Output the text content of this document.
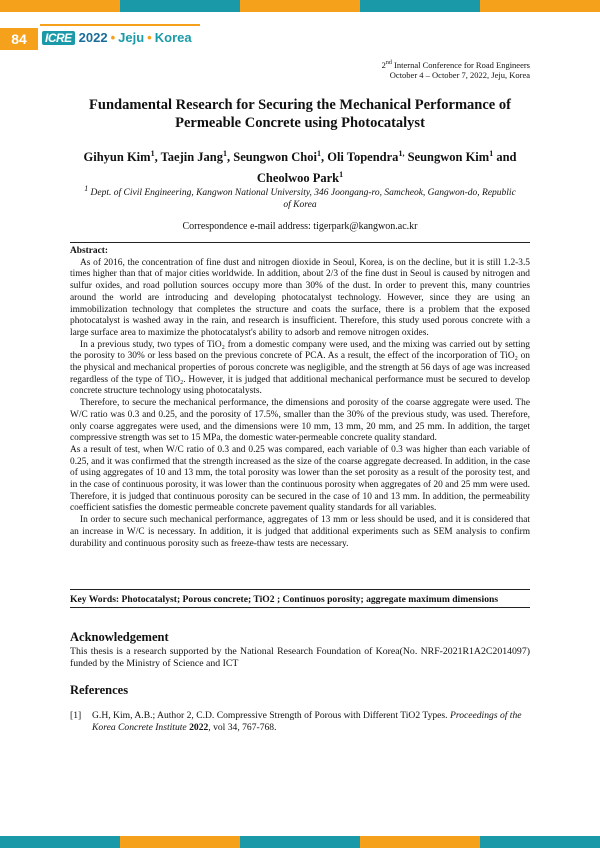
84	ICRE 2022 • Jeju • Korea
2nd Internal Conference for Road Engineers
October 4 – October 7, 2022, Jeju, Korea
Fundamental Research for Securing the Mechanical Performance of
Permeable Concrete using Photocatalyst
Gihyun Kim$^1$, Taejin Jang$^1$, Seungwon Choi$^1$, Oli Topendra$^{1,}$ Seungwon Kim$^1$ and
Cheolwoo Park$^1$
$^1$ Dept. of Civil Engineering, Kangwon National University, 346 Joongang-ro, Samcheok, Gangwon-do, Republic of Korea
Correspondence e-mail address: tigerpark@kangwon.ac.kr

Abstract:

As of 2016, the concentration of fine dust and nitrogen dioxide in Seoul, Korea, is on the decline, but it is still 1.2-3.5 times higher than that of major cities worldwide. In addition, about 2/3 of the fine dust in Seoul is caused by nitrogen and sulfur oxides, and road pollution sources occupy more than 30% of the dust. In order to prevent this, many countries around the world are introducing and developing photocatalyst technology. However, since they are using an immobilization technology that completes the structure and coats the surface, there is a problem that the exposed photocatalyst is washed away in the rain, and research is insufficient. Therefore, this study used porous concrete with a large surface area to maximize the photocatalyst's ability to adsorb and remove nitrogen oxides.

In a previous study, two types of TiO₂ from a domestic company were used, and the mixing was carried out by setting the porosity to 30% or less based on the previous concrete of PCA. As a result, the effect of the incorporation of TiO₂ on the physical and mechanical properties of porous concrete was negligible, and the strength at 56 days of age was increased regardless of the type of TiO₂. However, it is judged that additional mechanical performance must be secured to develop concrete structure technology using photocatalysts.

Therefore, to secure the mechanical performance, the dimensions and porosity of the coarse aggregate were used. The W/C ratio was 0.3 and 0.25, and the porosity of 17.5%, smaller than the 30% of the previous study, was used. Therefore, only coarse aggregates were used, and the dimensions were 10 mm, 13 mm, 20 mm, and 25 mm. In addition, the target compressive strength was set to 15 MPa, the domestic water-permeable concrete quality standard.

As a result of test, when W/C ratio of 0.3 and 0.25 was compared, each variable of 0.3 was higher than each variable of 0.25, and it was confirmed that the strength increased as the size of the coarse aggregate decreased. In addition, in the case of using aggregates of 10 and 13 mm, the total porosity was lower than the set porosity as a result of the porosity test, and in the case of continuous porosity, it was lower than the continuous porosity when aggregates of 20 and 25 mm were used. Therefore, it is judged that continuous porosity can be secured in the case of 10 and 13 mm. In addition, the permeability coefficient satisfies the domestic permeable concrete pavement quality standards for all variables.

In order to secure such mechanical performance, aggregates of 13 mm or less should be used, and it is considered that an increase in W/C is necessary. In addition, it is judged that additional experiments such as SEM analysis to confirm durability and continuous porosity such as freeze-thaw tests are necessary.

Key Words: Photocatalyst; Porous concrete; TiO2 ; Continuos porosity; aggregate maximum dimensions
Acknowledgement
This thesis is a research supported by the National Research Foundation of Korea(No. NRF-2021R1A2C2014097) funded by the Ministry of Science and ICT
References
[1] G.H, Kim, A.B.; Author 2, C.D. Compressive Strength of Porous with Different TiO2 Types. Proceedings of the Korea Concrete Institute 2022, vol 34, 767-768.
